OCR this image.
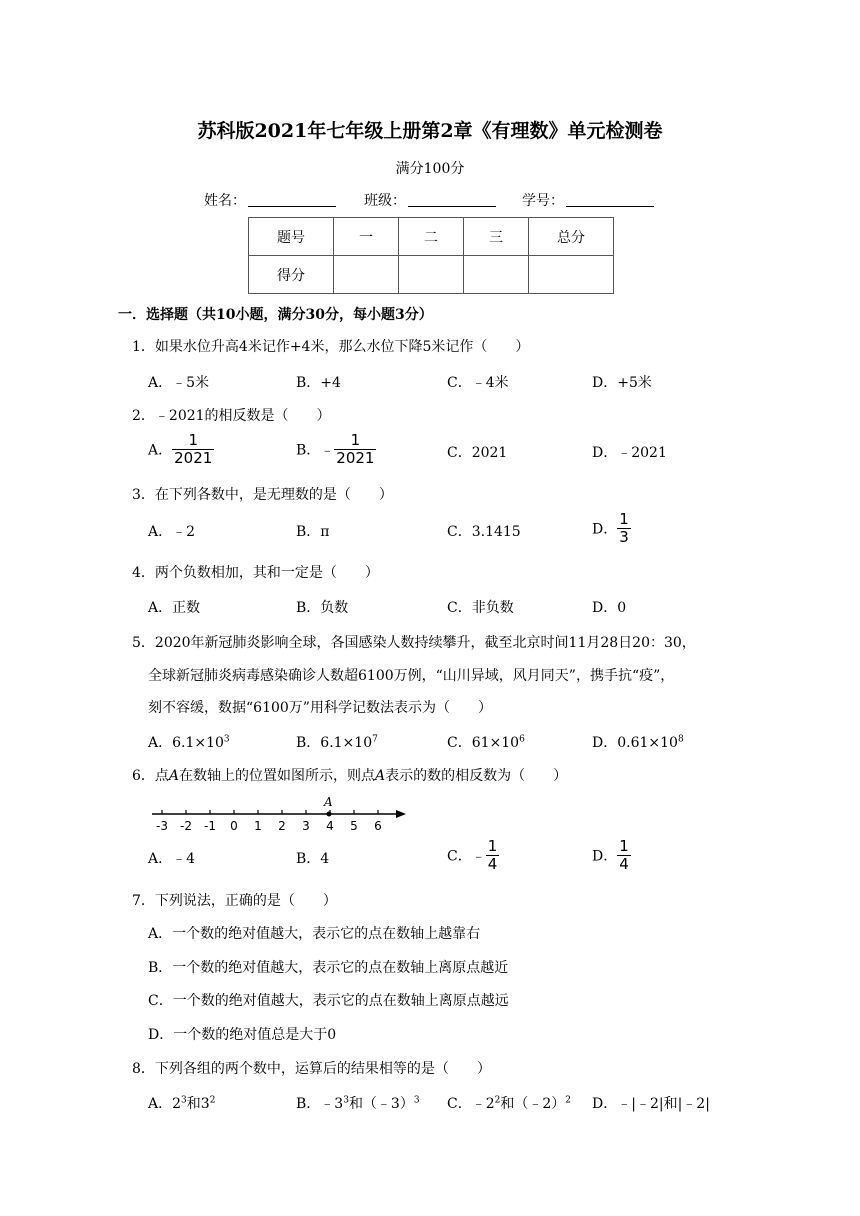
苏科版2021年七年级上册第2章《有理数》单元检测卷
满分100分
姓名：	班级：	学号：
题号	一	二	三	总分
得分				
一．选择题（共10小题，满分30分，每小题3分）
1．如果水位升高4米记作+4米，那么水位下降5米记作（　　）
A．﹣5米	B．+4	C．﹣4米	D．+5米
2．﹣2021的相反数是（　　）
A． $\frac{1}{2021}$	B．﹣ $\frac{1}{2021}$	C．2021	D．﹣2021
3．在下列各数中，是无理数的是（　　）
A．﹣2	B．π	C．3.1415	D． $\frac{1}{3}$
4．两个负数相加，其和一定是（　　）
A．正数	B．负数	C．非负数	D．0
5．2020年新冠肺炎影响全球，各国感染人数持续攀升，截至北京时间11月28日20：30，
全球新冠肺炎病毒感染确诊人数超6100万例，“山川异域，风月同天”，携手抗“疫”，
刻不容缓，数据“6100万”用科学记数法表示为（　　）
A．$6.1\times 10^3$	B．$6.1\times 10^7$	C．$61\times 10^6$	D．$0.61\times 10^8$
6．点A在数轴上的位置如图所示，则点A表示的数的相反数为（　　）
-3 -2 -1 0 1 2 3 4 5 6
A
A．﹣4	B．4	C．﹣ $\frac{1}{4}$	D． $\frac{1}{4}$
7．下列说法，正确的是（　　）
A．一个数的绝对值越大，表示它的点在数轴上越靠右
B．一个数的绝对值越大，表示它的点在数轴上离原点越近
C．一个数的绝对值越大，表示它的点在数轴上离原点越远
D．一个数的绝对值总是大于0
8．下列各组的两个数中，运算后的结果相等的是（　　）
A．$2^3$和$3^2$	B．$﹣3^3$和（﹣3）$^3$ C．$﹣2^2$和（﹣2）$^2$ D．﹣|﹣2|和|﹣2|
